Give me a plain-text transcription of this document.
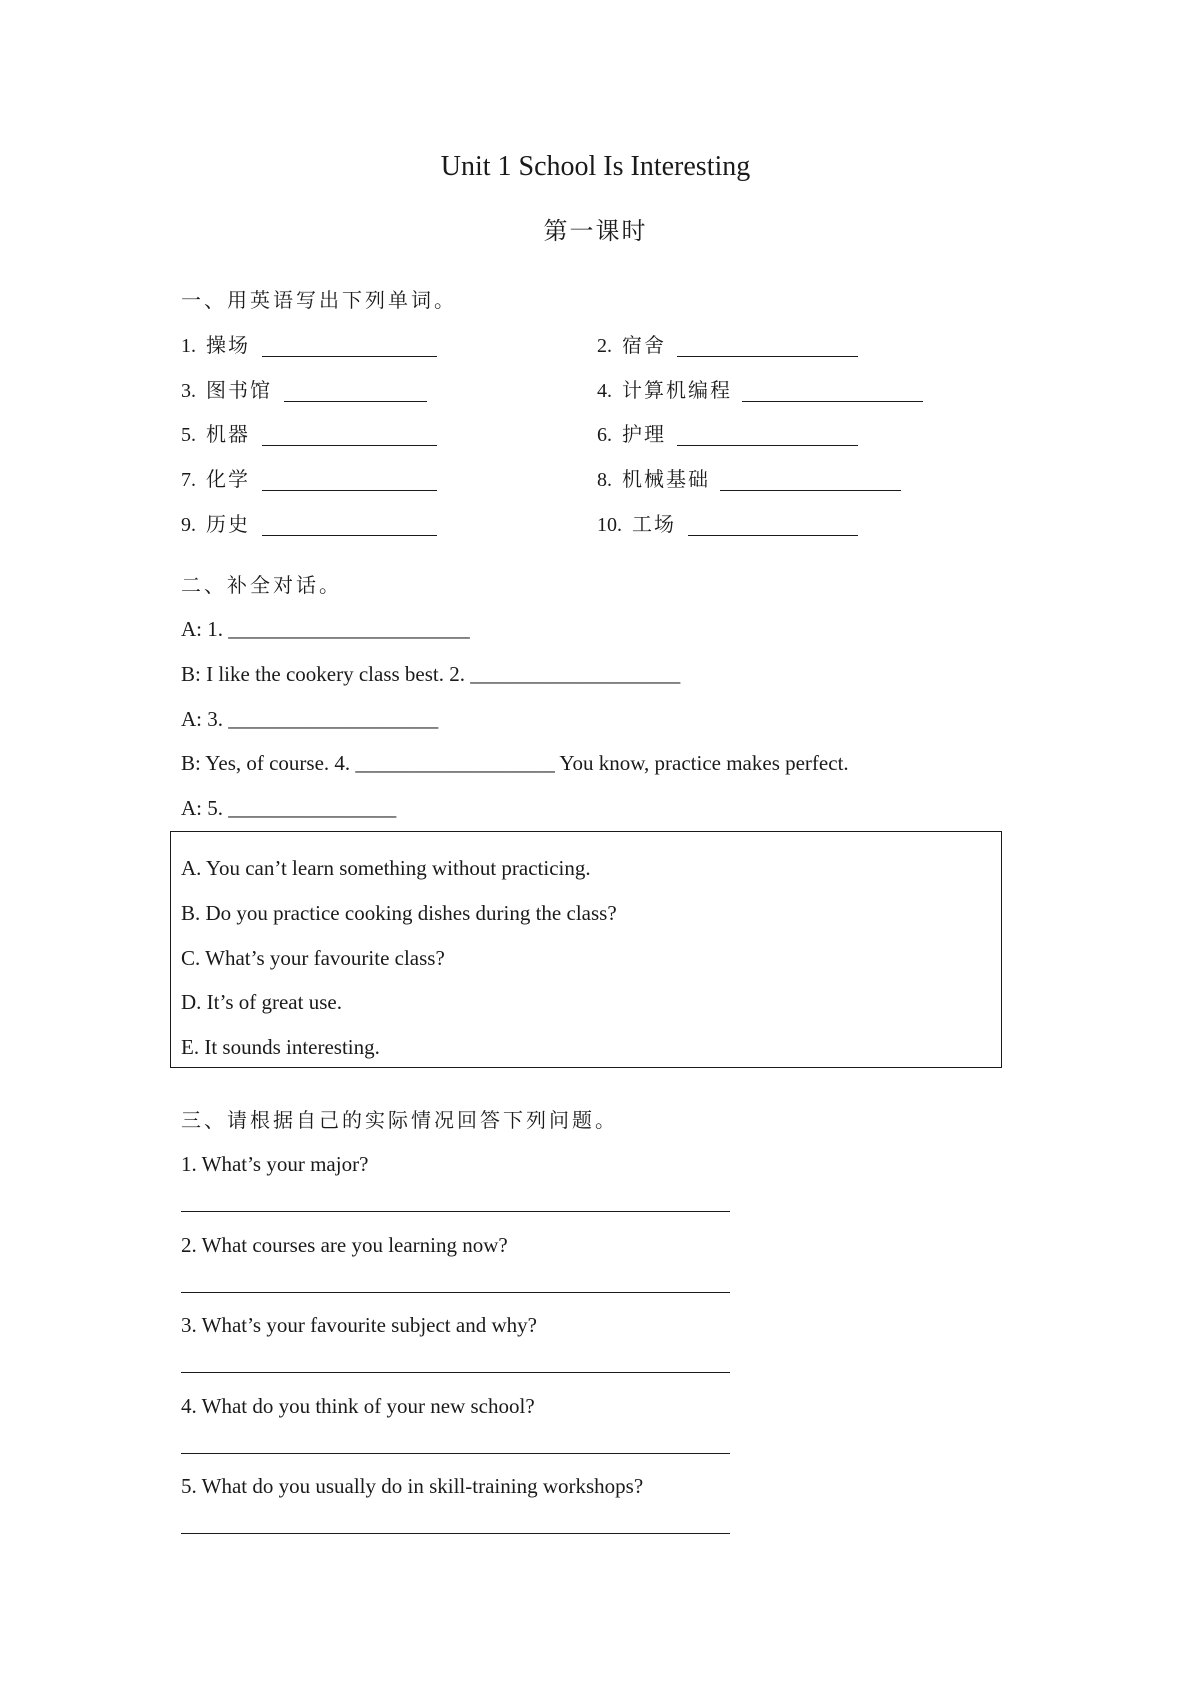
Unit 1 School Is Interesting
第一课时
一、用英语写出下列单词。
1. 操场	2. 宿舍
3. 图书馆	4. 计算机编程
5. 机器	6. 护理
7. 化学	8. 机械基础
9. 历史	10. 工场
二、补全对话。
A: 1. _______________________
B: I like the cookery class best. 2. ____________________
A: 3. ____________________
B: Yes, of course. 4. ___________________ You know, practice makes perfect.
A: 5. ________________
A. You can’t learn something without practicing.
B. Do you practice cooking dishes during the class?
C. What’s your favourite class?
D. It’s of great use.
E. It sounds interesting.
三、请根据自己的实际情况回答下列问题。
1. What’s your major?
2. What courses are you learning now?
3. What’s your favourite subject and why?
4. What do you think of your new school?
5. What do you usually do in skill-training workshops?
